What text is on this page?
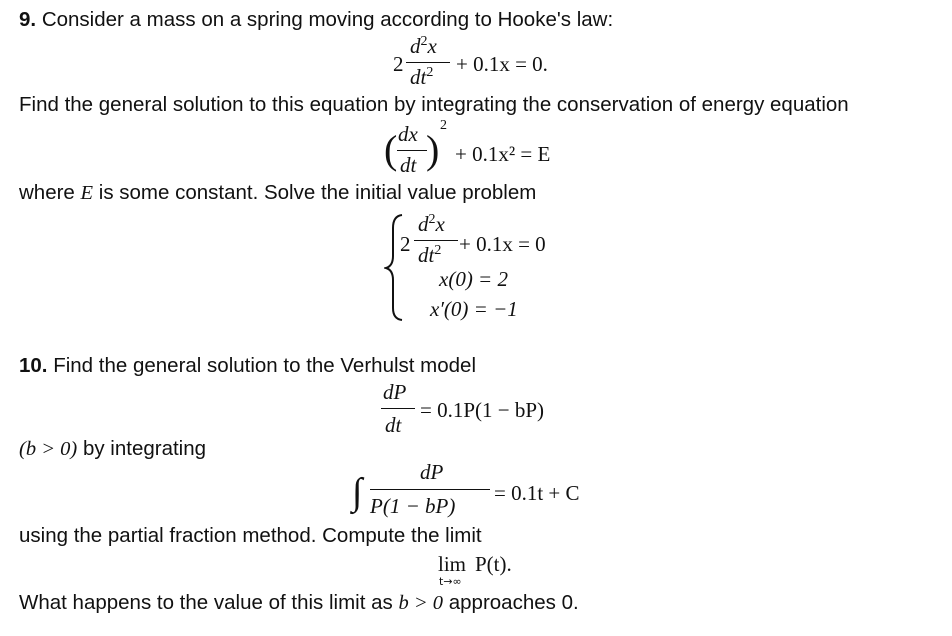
9. Consider a mass on a spring moving according to Hooke's law:
2
$d^2x$
$dt^2 + 0.1x = 0$.
Find the general solution to this equation by integrating the conservation of energy equation
( dx
dt )
2
+ 0.1x² = E
where E is some constant. Solve the initial value problem
2
$d^2x$
$dt^2 + 0.1x = 0$
x(0) = 2
x′(0) = −1
10. Find the general solution to the Verhulst model
dP
dt
= 0.1P(1 − bP)
(b > 0) by integrating
∫	dP
P(1 − bP)
= 0.1t + C
using the partial fraction method. Compute the limit
lim
t→∞
P(t).
What happens to the value of this limit as b > 0 approaches 0.
